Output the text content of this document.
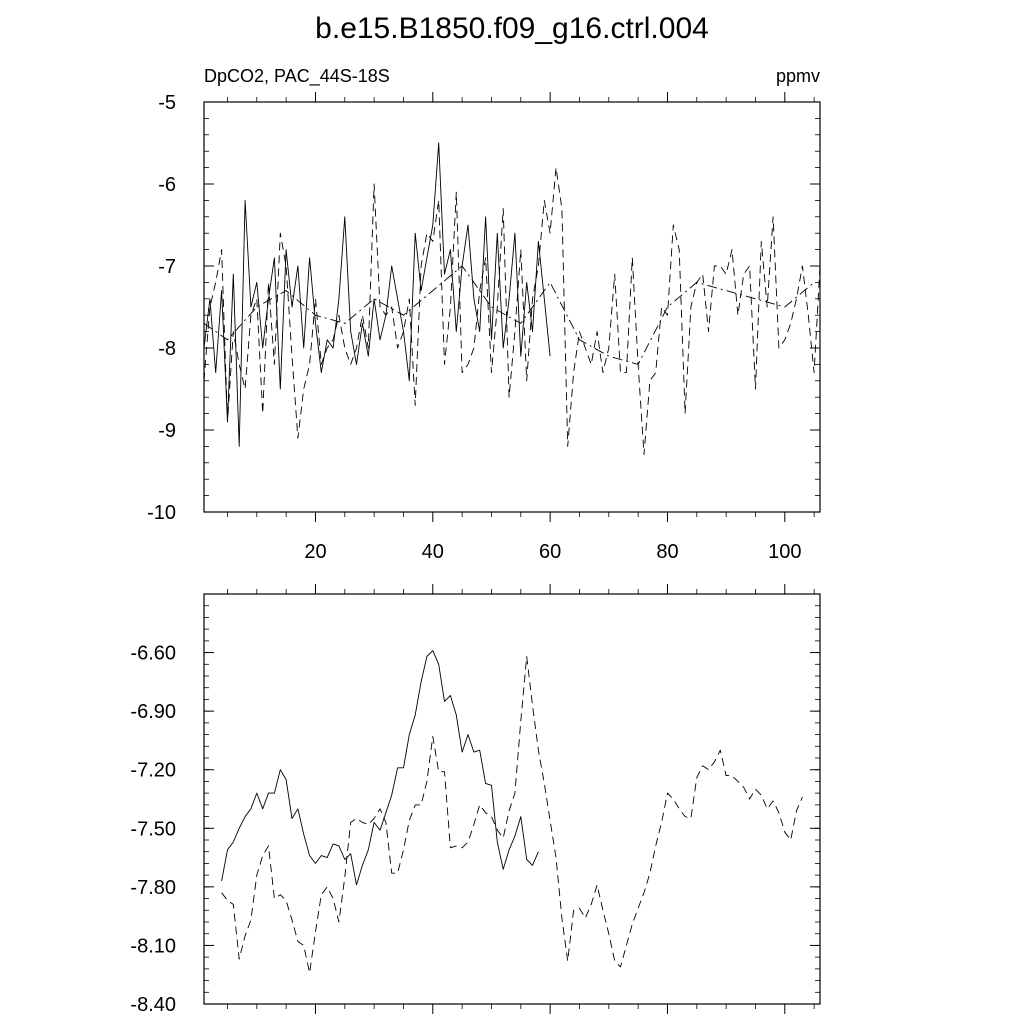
b.e15.B1850.f09_g16.ctrl.004
DpCO2, PAC_44S-18S	ppmv
-10
-9
-8
-7
-6
-5
20	40	60	80	100
-8.40
-8.10
-7.80
-7.50
-7.20
-6.90
-6.60
